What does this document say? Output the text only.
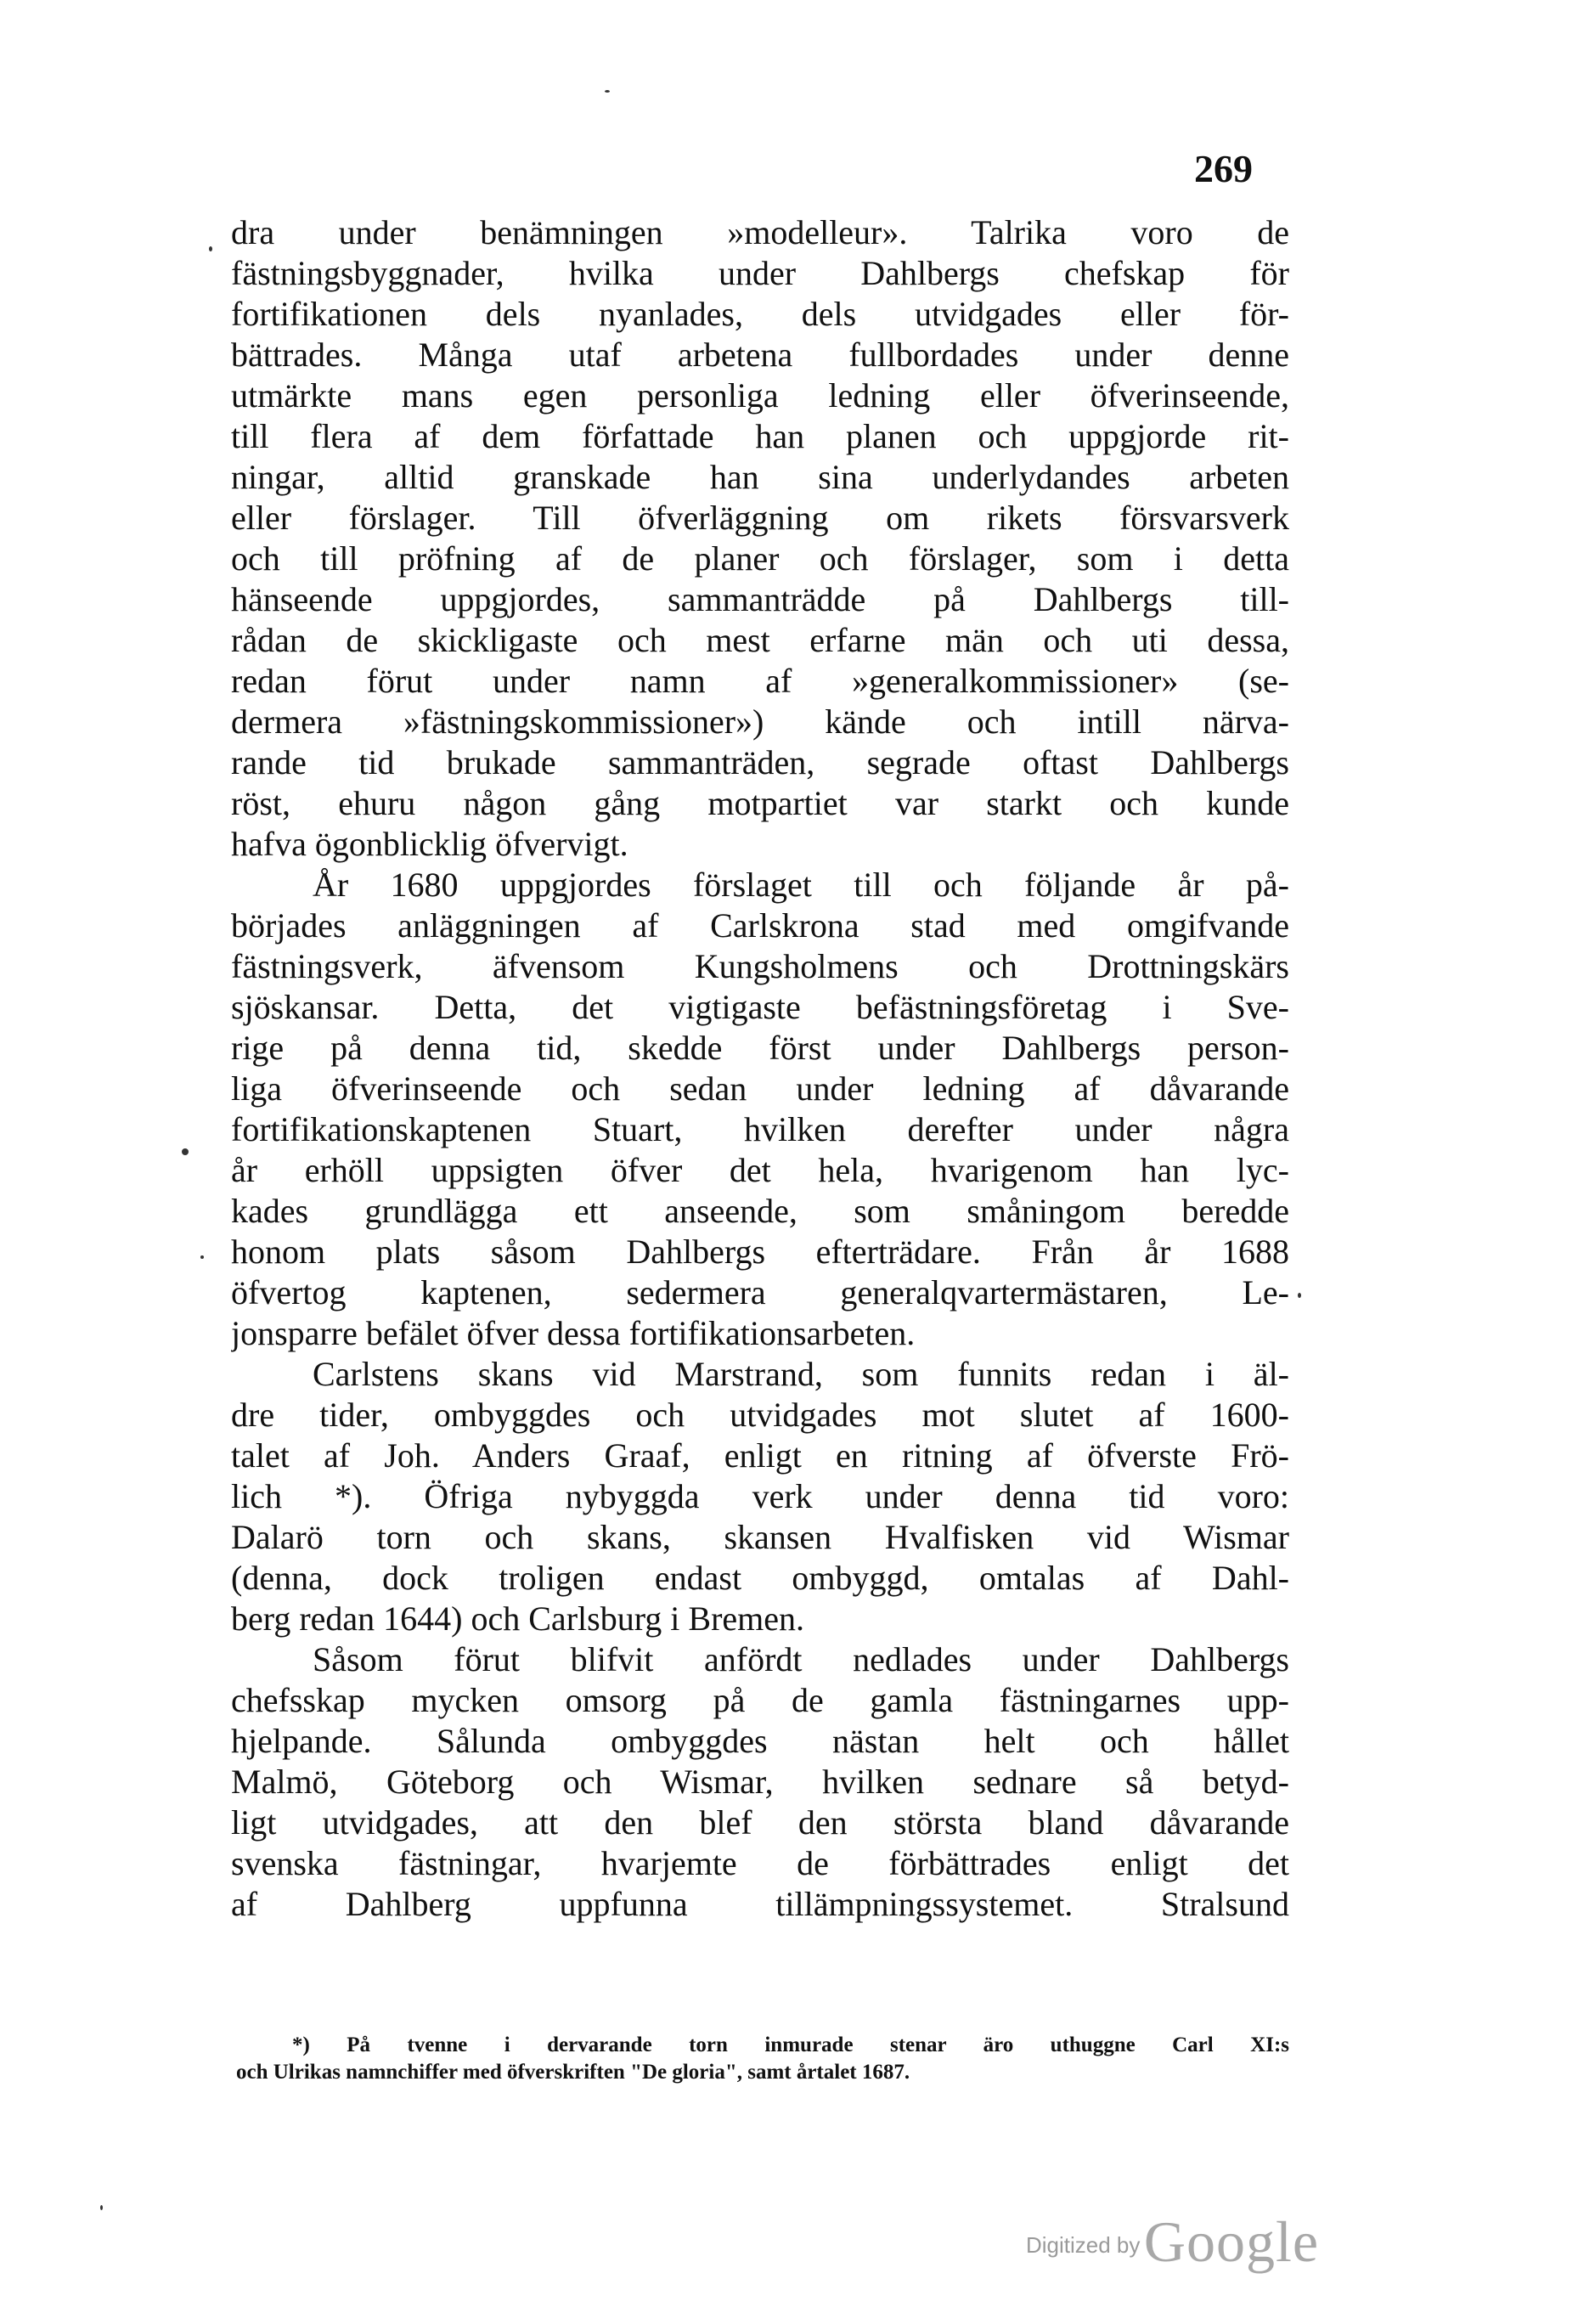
269
dra under benämningen »modelleur». Talrika voro de
fästningsbyggnader, hvilka under Dahlbergs chefskap för
fortifikationen dels nyanlades, dels utvidgades eller för-
bättrades. Många utaf arbetena fullbordades under denne
utmärkte mans egen personliga ledning eller öfverinseende,
till flera af dem författade han planen och uppgjorde rit-
ningar, alltid granskade han sina underlydandes arbeten
eller förslager. Till öfverläggning om rikets försvarsverk
och till pröfning af de planer och förslager, som i detta
hänseende uppgjordes, sammanträdde på Dahlbergs till-
rådan de skickligaste och mest erfarne män och uti dessa,
redan förut under namn af »generalkommissioner» (se-
dermera »fästningskommissioner») kände och intill närva-
rande tid brukade sammanträden, segrade oftast Dahlbergs
röst, ehuru någon gång motpartiet var starkt och kunde
hafva ögonblicklig öfvervigt.
År 1680 uppgjordes förslaget till och följande år på-
börjades anläggningen af Carlskrona stad med omgifvande
fästningsverk, äfvensom Kungsholmens och Drottningskärs
sjöskansar. Detta, det vigtigaste befästningsföretag i Sve-
rige på denna tid, skedde först under Dahlbergs person-
liga öfverinseende och sedan under ledning af dåvarande
fortifikationskaptenen Stuart, hvilken derefter under några
år erhöll uppsigten öfver det hela, hvarigenom han lyc-
kades grundlägga ett anseende, som småningom beredde
honom plats såsom Dahlbergs efterträdare. Från år 1688
öfvertog kaptenen, sedermera generalqvartermästaren, Le-
jonsparre befälet öfver dessa fortifikationsarbeten.
Carlstens skans vid Marstrand, som funnits redan i äl-
dre tider, ombyggdes och utvidgades mot slutet af 1600-
talet af Joh. Anders Graaf, enligt en ritning af öfverste Frö-
lich *). Öfriga nybyggda verk under denna tid voro:
Dalarö torn och skans, skansen Hvalfisken vid Wismar
(denna, dock troligen endast ombyggd, omtalas af Dahl-
berg redan 1644) och Carlsburg i Bremen.
Såsom förut blifvit anfördt nedlades under Dahlbergs
chefsskap mycken omsorg på de gamla fästningarnes upp-
hjelpande. Sålunda ombyggdes nästan helt och hållet
Malmö, Göteborg och Wismar, hvilken sednare så betyd-
ligt utvidgades, att den blef den största bland dåvarande
svenska fästningar, hvarjemte de förbättrades enligt det
af Dahlberg uppfunna tillämpningssystemet. Stralsund
*) På tvenne i dervarande torn inmurade stenar äro uthuggne Carl XI:s
och Ulrikas namnchiffer med öfverskriften "De gloria", samt årtalet 1687.
Digitized by Google
